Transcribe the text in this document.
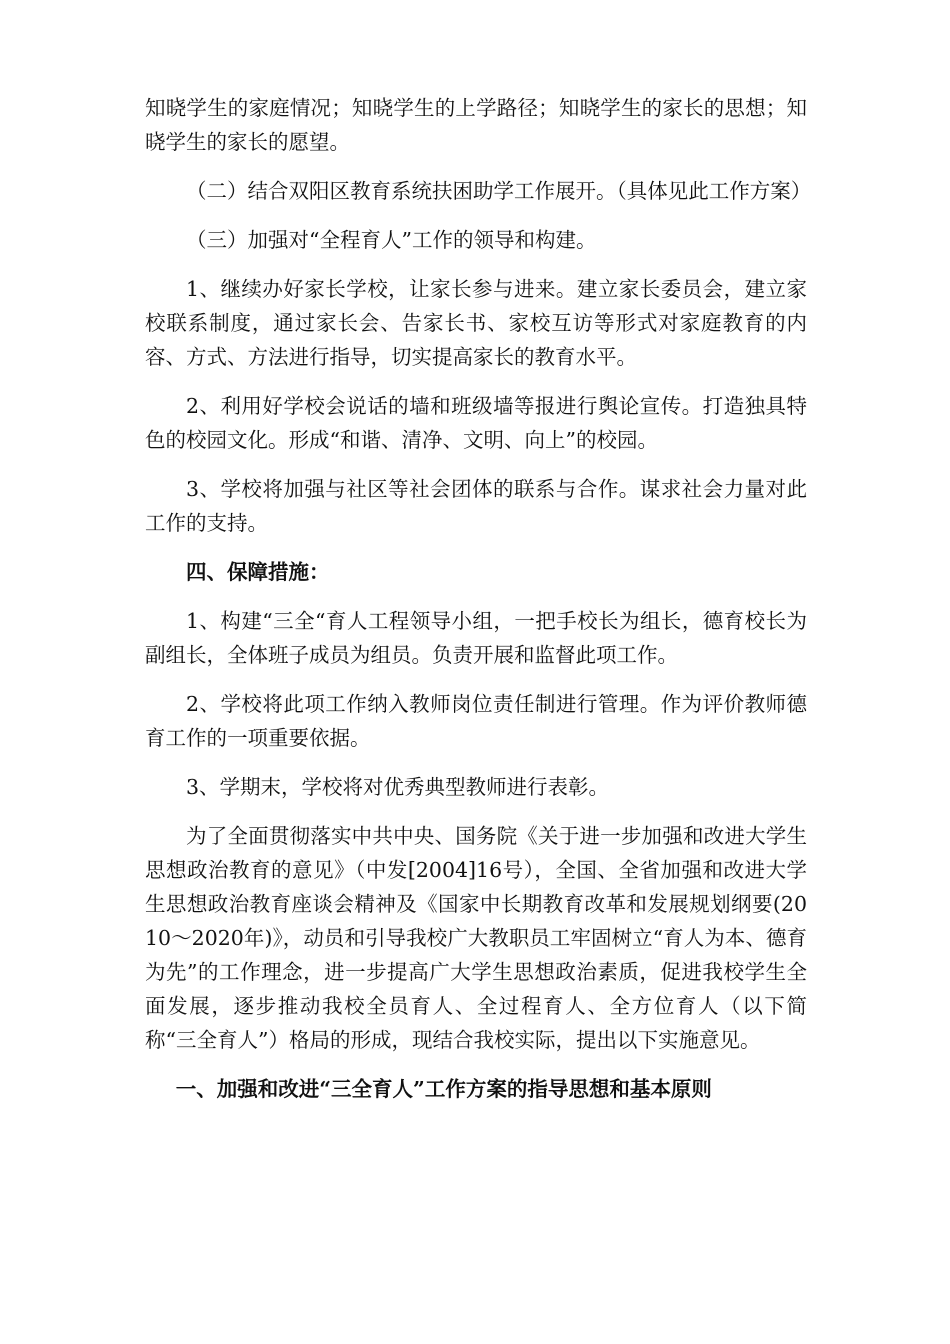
知晓学生的家庭情况；知晓学生的上学路径；知晓学生的家长的思想；知晓学生的家长的愿望。

（二）结合双阳区教育系统扶困助学工作展开。（具体见此工作方案）

（三）加强对“全程育人”工作的领导和构建。

1、继续办好家长学校，让家长参与进来。建立家长委员会，建立家校联系制度，通过家长会、告家长书、家校互访等形式对家庭教育的内容、方式、方法进行指导，切实提高家长的教育水平。

2、利用好学校会说话的墙和班级墙等报进行舆论宣传。打造独具特色的校园文化。形成“和谐、清净、文明、向上”的校园。

3、学校将加强与社区等社会团体的联系与合作。谋求社会力量对此工作的支持。

四、保障措施：

1、构建“三全“育人工程领导小组，一把手校长为组长，德育校长为副组长，全体班子成员为组员。负责开展和监督此项工作。

2、学校将此项工作纳入教师岗位责任制进行管理。作为评价教师德育工作的一项重要依据。

3、学期末，学校将对优秀典型教师进行表彰。

为了全面贯彻落实中共中央、国务院《关于进一步加强和改进大学生思想政治教育的意见》（中发[2004]16号），全国、全省加强和改进大学生思想政治教育座谈会精神及《国家中长期教育改革和发展规划纲要(2010～2020年)》，动员和引导我校广大教职员工牢固树立“育人为本、德育为先”的工作理念，进一步提高广大学生思想政治素质，促进我校学生全面发展，逐步推动我校全员育人、全过程育人、全方位育人（以下简称“三全育人”）格局的形成，现结合我校实际，提出以下实施意见。

一、加强和改进“三全育人”工作方案的指导思想和基本原则
